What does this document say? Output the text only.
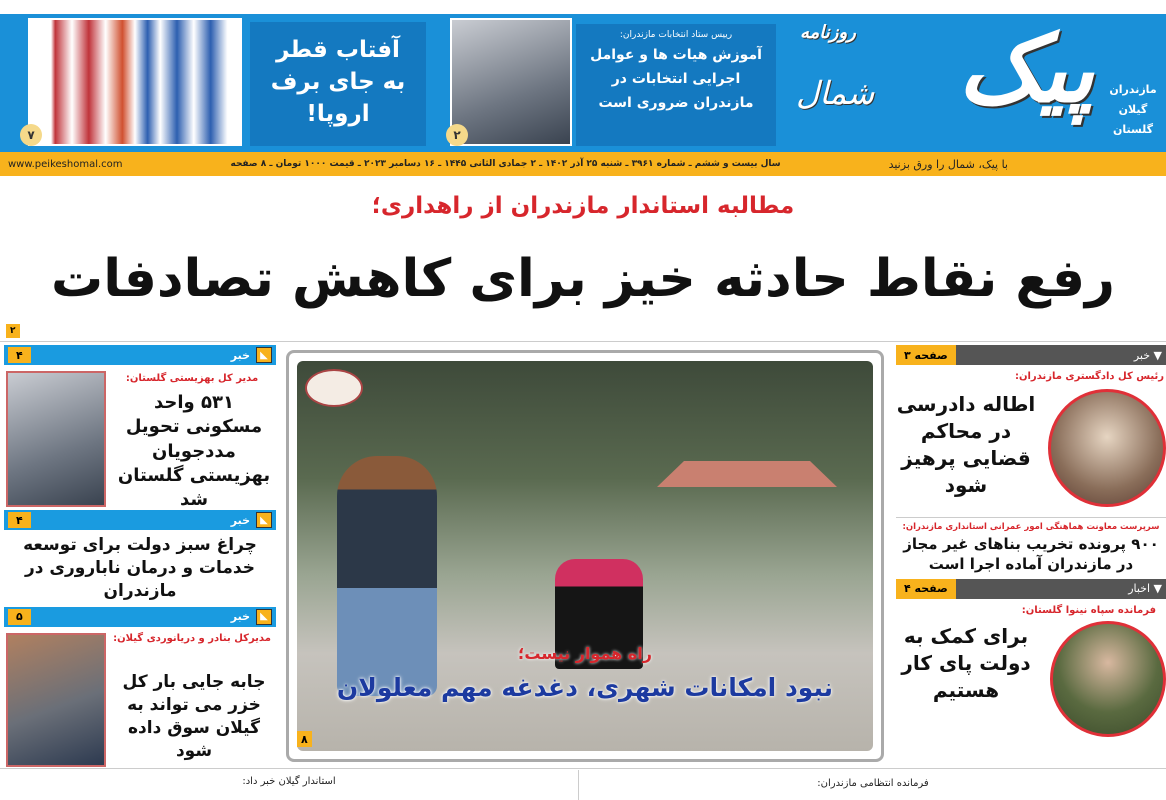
۷
آفتاب قطر
به جای برف
اروپا!
۲
رییس ستاد انتخابات مازندران:
آموزش هیات ها و عوامل
اجرایی انتخابات در
مازندران ضروری است پیک
روزنامه
شمال	مازندران
گیلان
گلستان
با پیک، شمال را ورق بزنید
سال بیست و ششم ـ شماره ۳۹۶۱ ـ شنبه ۲۵ آذر ۱۴۰۲ ـ ۲ جمادی الثانی ۱۴۴۵ ـ ۱۶ دسامبر ۲۰۲۳ ـ قیمت ۱۰۰۰ تومان ـ ۸ صفحه
www.peikeshomal.com
مطالبه استاندار مازندران از راهداری؛
رفع نقاط حادثه خیز برای کاهش تصادفات
۲
◣
خبر
۴
مدیر کل بهزیستی گلستان:
۵۳۱ واحد مسکونی تحویل مددجویان بهزیستی گلستان شد
◣
خبر
۴
چراغ سبز دولت برای توسعه خدمات و درمان ناباروری در مازندران
◣
خبر
۵
مدیرکل بنادر و دریانوردی گیلان:
جابه جایی بار کل خزر می تواند به گیلان سوق داده شود
راه هموار نیست؛
نبود امکانات شهری، دغدغه مهم معلولان
۸
▼ خبر
صفحه ۳
رئیس کل دادگستری مازندران:
اطاله دادرسی در محاکم قضایی پرهیز شود
سرپرست معاونت هماهنگی امور عمرانی استانداری مازندران:
۹۰۰ پرونده تخریب بناهای غیر مجاز در مازندران آماده اجرا است
▼ اخبار
صفحه ۴
فرمانده سپاه نینوا گلستان:
برای کمک به دولت پای کار هستیم
فرمانده انتظامی مازندران:
استاندار گیلان خبر داد:
